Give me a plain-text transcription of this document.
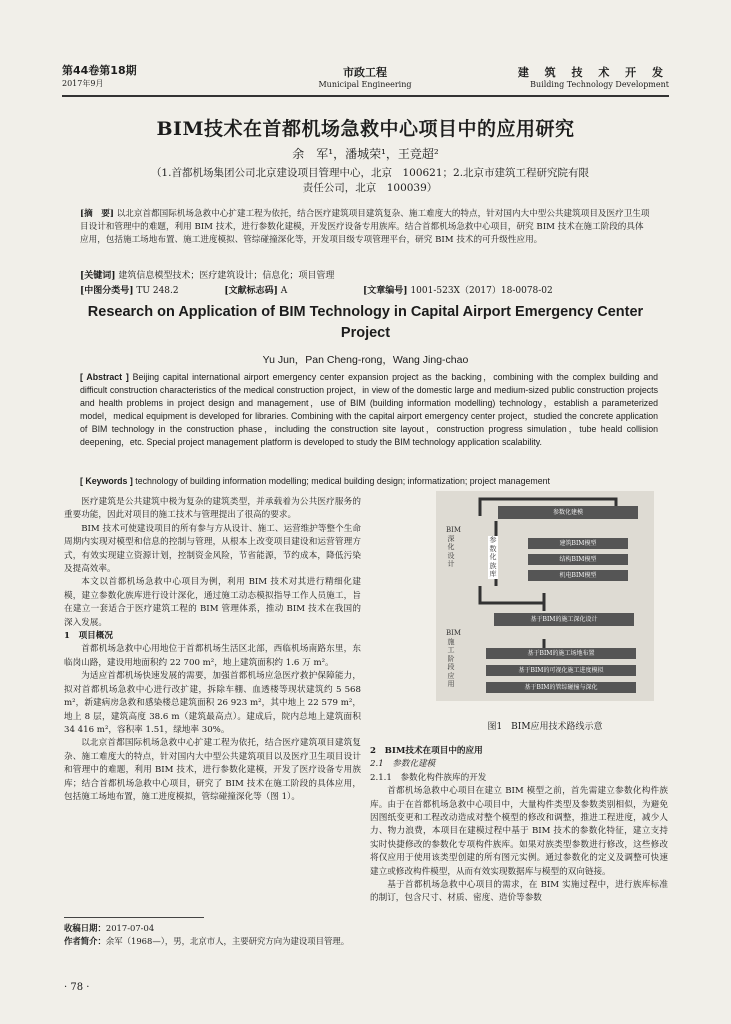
第44卷第18期
2017年9月
市政工程
Municipal Engineering
建 筑 技 术 开 发
Building Technology Development
BIM技术在首都机场急救中心项目中的应用研究
余　军¹，潘城荣¹，王竞超²
（1.首都机场集团公司北京建设项目管理中心，北京　100621；2.北京市建筑工程研究院有限责任公司，北京　100039）
[摘　要] 以北京首都国际机场急救中心扩建工程为依托，结合医疗建筑项目建筑复杂、施工难度大的特点，针对国内大中型公共建筑项目及医疗卫生项目设计和管理中的难题，利用 BIM 技术，进行参数化建模，开发医疗设备专用族库。结合首都机场急救中心项目，研究 BIM 技术在施工阶段的具体应用，包括施工场地布置、施工进度模拟、管综碰撞深化等，开发项目级专项管理平台，研究 BIM 技术的可升级性应用。
[关键词] 建筑信息模型技术；医疗建筑设计；信息化；项目管理
[中图分类号] TU 248.2	[文献标志码] A	[文章编号] 1001-523X（2017）18-0078-02
Research on Application of BIM Technology in Capital Airport Emergency Center Project
Yu Jun，Pan Cheng-rong，Wang Jing-chao
[ Abstract ] Beijing capital international airport emergency center expansion project as the backing，combining with the complex building and difficult construction characteristics of the medical construction project，in view of the domestic large and medium-sized public construction projects and health problems in project design and management，use of BIM (building information modelling) technology，establish a parameterized model，medical equipment is developed for libraries. Combining with the capital airport emergency center project，studied the concrete application of BIM technology in the construction phase，including the construction site layout，construction progress simulation，tube heald collision deepening，etc. Special project management platform is developed to study the BIM technology application scalability.
[ Keywords ] technology of building information modelling; medical building design; informatization; project management

医疗建筑是公共建筑中极为复杂的建筑类型，并承载着为公共医疗服务的重要功能，因此对项目的施工技术与管理提出了很高的要求。

BIM 技术可使建设项目的所有参与方从设计、施工、运营维护等整个生命周期内实现对模型和信息的控制与管理，从根本上改变项目建设和运营管理方式，有效实现建立资源计划，控制资金风险，节省能源，节约成本，降低污染及提高效率。

本文以首都机场急救中心项目为例，利用 BIM 技术对其进行精细化建模，建立参数化族库进行设计深化，通过施工动态模拟指导工作人员施工，旨在建立一套适合于医疗建筑工程的 BIM 管理体系，推动 BIM 技术在我国的深入发展。

1　项目概况

首都机场急救中心用地位于首都机场生活区北部，西临机场南路东里，东临岗山路，建设用地面积约 22 700 m²，地上建筑面积约 1.6 万 m²。

为适应首都机场快速发展的需要，加强首都机场应急医疗救护保障能力，拟对首都机场急救中心进行改扩建，拆除车棚、血透楼等现状建筑约 5 568 m²，新建病房急救和感染楼总建筑面积 26 923 m²，其中地上 22 579 m²，地上 8 层，建筑高度 38.6 m（建筑最高点）。建成后，院内总地上建筑面积 34 416 m²，容积率 1.51，绿地率 30%。

以北京首都国际机场急救中心扩建工程为依托，结合医疗建筑项目建筑复杂、施工难度大的特点，针对国内大中型公共建筑项目以及医疗卫生项目设计和管理中的难题，利用 BIM 技术，进行参数化建模，开发了医疗设备专用族库；结合首都机场急救中心项目，研究了 BIM 技术在施工阶段的具体应用，包括施工场地布置，施工进度模拟，管综碰撞深化等（图 1）。

参数化建模
BIM深化设计
参数化族库
建筑BIM模型
结构BIM模型
机电BIM模型
基于BIM的施工深化设计
BIM施工阶段应用
基于BIM的施工场地布置
基于BIM的可视化施工进度模拟
基于BIM的管综碰撞与深化
图1　BIM应用技术路线示意

2　BIM技术在项目中的应用

2.1　参数化建模

2.1.1　参数化构件族库的开发

首都机场急救中心项目在建立 BIM 模型之前，首先需建立参数化构件族库。由于在首都机场急救中心项目中，大量构件类型及参数类别相似，为避免因图纸变更和工程改动造成对整个模型的修改和调整，推进工程进度，减少人力、物力浪费，本项目在建模过程中基于 BIM 技术的参数化特征，建立支持实时快捷修改的参数化专项构件族库。如果对族类型参数进行修改，这些修改将仅应用于使用该类型创建的所有图元实例。通过参数化的定义及调整可快速建立或修改构件模型，从而有效实现数据库与模型的双向链接。

基于首都机场急救中心项目的需求，在 BIM 实施过程中，进行族库标准的制订，包含尺寸、材质、密度、造价等参数

收稿日期：2017-07-04
作者简介：余军（1968—），男，北京市人，主要研究方向为建设项目管理。
· 78 ·
